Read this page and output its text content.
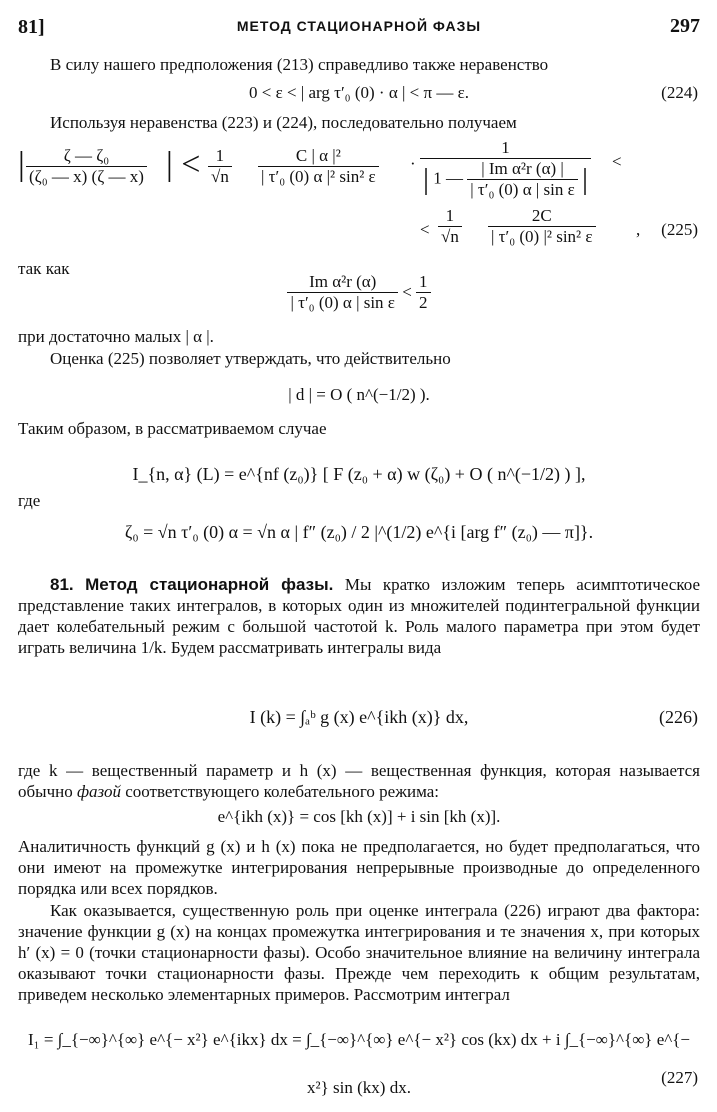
81]	МЕТОД СТАЦИОНАРНОЙ ФАЗЫ	297
В силу нашего предположения (213) справедливо также неравенство
0 < ε < | arg τ′₀ (0) · α | < π — ε.	(224)
Используя неравенства (223) и (224), последовательно получаем
| $\frac{\text{ζ — ζ₀}}{\text{(ζ₀ — x) (ζ — x)}}$ | < $\frac{1}{√n} \frac{\text{C | α |²}}{\text{| τ′₀ (0) α |² sin² ε}}$ ·
1
| 1 — $\frac{\text{| Im α²r (α) |}}{\text{| τ′₀ (0) α | sin ε}}$ |
<
< $\frac{1}{√n} \frac{2C}{\text{| τ′₀ (0) |² sin² ε}}$ , (225)
так как
$\frac{\text{Im α²r (α)}}{\text{| τ′₀ (0) α | sin ε}} < \frac{1}{2}$
при достаточно малых | α |.
Оценка (225) позволяет утверждать, что действительно
| d | = O ( n^(−1/2) ).
Таким образом, в рассматриваемом случае
I_{n, α} (L) = e^{nf (z₀)} [ F (z₀ + α) w (ζ₀) + O ( n^(−1/2) ) ],
где
ζ₀ = √n τ′₀ (0) α = √n α | f″ (z₀) / 2 |^(1/2) e^{i [arg f″ (z₀) — π]}.
81. Метод стационарной фазы. Мы кратко изложим теперь асимптотическое представление таких интегралов, в которых один из множителей подинтегральной функции дает колебательный режим с большой частотой k. Роль малого параметра при этом будет играть величина 1/k. Будем рассматривать интегралы вида
I (k) = ∫ₐᵇ g (x) e^{ikh (x)} dx,	(226)
где k — вещественный параметр и h (x) — вещественная функция, которая называется обычно фазой соответствующего колебательного режима:
e^{ikh (x)} = cos [kh (x)] + i sin [kh (x)].
Аналитичность функций g (x) и h (x) пока не предполагается, но будет предполагаться, что они имеют на промежутке интегрирования непрерывные производные до определенного порядка или всех порядков.
Как оказывается, существенную роль при оценке интеграла (226) играют два фактора: значение функции g (x) на концах промежутка интегрирования и те значения x, при которых h′ (x) = 0 (точки стационарности фазы). Особо значительное влияние на величину интеграла оказывают точки стационарности фазы. Прежде чем переходить к общим результатам, приведем несколько элементарных примеров. Рассмотрим интеграл
I₁ = ∫_{−∞}^{∞} e^{− x²} e^{ikx} dx = ∫_{−∞}^{∞} e^{− x²} cos (kx) dx + i ∫_{−∞}^{∞} e^{− x²} sin (kx) dx.
(227)
